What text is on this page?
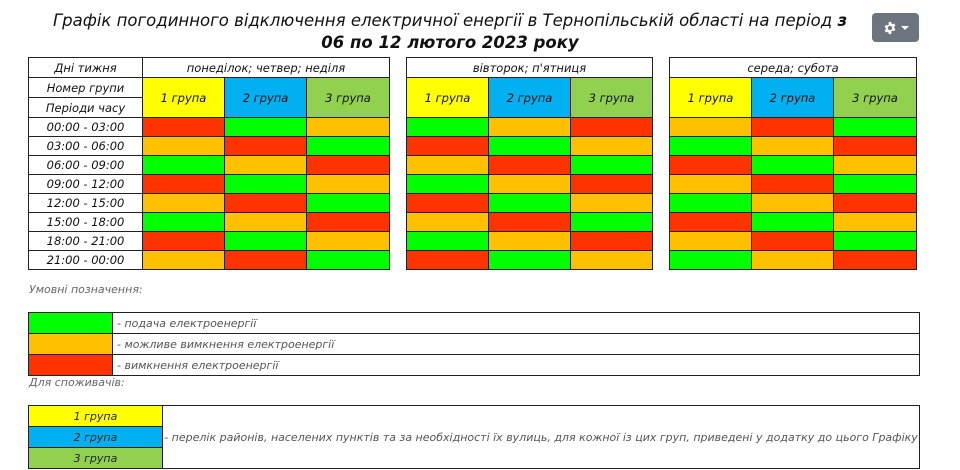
Графік погодинного відключення електричної енергії в Тернопільській області на період з 06 по 12 лютого 2023 року
Дні тижня	понеділок; четвер; неділя				вівторок; п'ятниця				середа; субота		
Номер групи	1 група	2 група	3 група		1 група	2 група	3 група		1 група	2 група	3 група
Періоди часу											
00:00 - 03:00											
03:00 - 06:00											
06:00 - 09:00											
09:00 - 12:00											
12:00 - 15:00											
15:00 - 18:00											
18:00 - 21:00											
21:00 - 00:00											
Умовні позначення:
	- подача електроенергії
	- можливе вимкнення електроенергії
	- вимкнення електроенергії
Для споживачів:
1 група	- перелік районів, населених пунктів та за необхідності їх вулиць, для кожної із цих груп, приведені у додатку до цього Графіку
2 група
3 група
